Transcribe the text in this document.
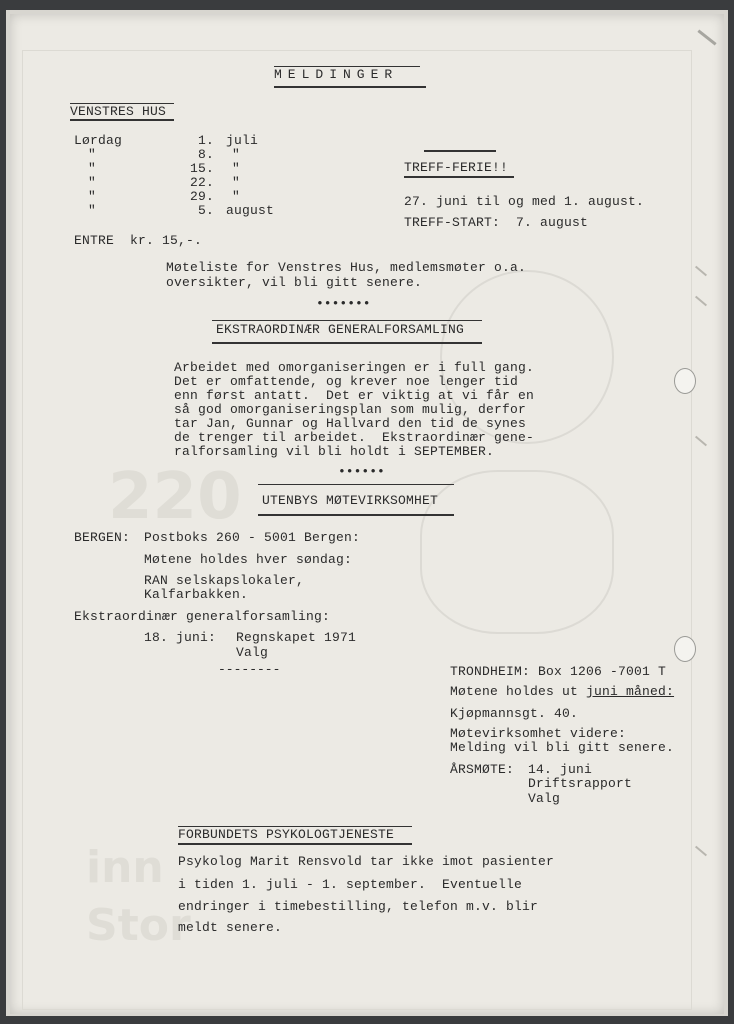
220
inn
Stor
MELDINGER
VENSTRES HUS
Lørdag
"
"
"
"
"
1.
8.
15.
22.
29.
5.
juli
"
"
"
"
august
ENTRE  kr. 15,-.
TREFF-FERIE!!
27. juni til og med 1. august.
TREFF-START:  7. august
Møteliste for Venstres Hus, medlemsmøter o.a.
oversikter, vil bli gitt senere.
•••••••
EKSTRAORDINÆR GENERALFORSAMLING
Arbeidet med omorganiseringen er i full gang.
Det er omfattende, og krever noe lenger tid
enn først antatt.  Det er viktig at vi får en
så god omorganiseringsplan som mulig, derfor
tar Jan, Gunnar og Hallvard den tid de synes
de trenger til arbeidet.  Ekstraordinær gene-
ralforsamling vil bli holdt i SEPTEMBER.
••••••
UTENBYS MØTEVIRKSOMHET
BERGEN: Postboks 260 - 5001 Bergen:
Møtene holdes hver søndag:
RAN selskapslokaler,
Kalfarbakken.
Ekstraordinær generalforsamling:
18. juni: Regnskapet 1971
Valg
--------	TRONDHEIM: Box 1206 -7001 T
Møtene holdes ut juni måned:
Kjøpmannsgt. 40.
Møtevirksomhet videre:
Melding vil bli gitt senere.
ÅRSMØTE: 14. juni
Driftsrapport
Valg
FORBUNDETS PSYKOLOGTJENESTE
Psykolog Marit Rensvold tar ikke imot pasienter
i tiden 1. juli - 1. september.  Eventuelle
endringer i timebestilling, telefon m.v. blir
meldt senere.
